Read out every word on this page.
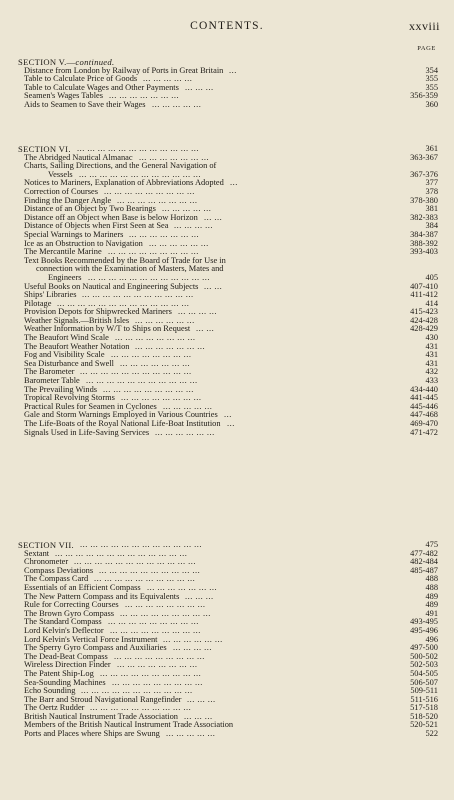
CONTENTS.	xxviii
PAGE
SECTION V.—continued.
Distance from London by Railway of Ports in Great Britain ...	354
Table to Calculate Price of Goods ... ... ... ... ...	355
Table to Calculate Wages and Other Payments ... ... ...	355
Seamen's Wages Tables ... ... ... ... ... ... ...	356-359
Aids to Seamen to Save their Wages ... ... ... ... ...	360
SECTION VI. ... ... ... ... ... ... ... ... ... ... ... ...	361
The Abridged Nautical Almanac ... ... ... ... ... ... ...	363-367
Charts, Sailing Directions, and the General Navigation of
Vessels ... ... ... ... ... ... ... ... ... ... ... ...	367-376
Notices to Mariners, Explanation of Abbreviations Adopted ...	377
Correction of Courses ... ... ... ... ... ... ... ... ...	378
Finding the Danger Angle ... ... ... ... ... ... ... ...	378-380
Distance of an Object by Two Bearings ... ... ... ... ...	381
Distance off an Object when Base is below Horizon ... ...	382-383
Distance of Objects when First Seen at Sea ... ... ... ...	384
Special Warnings to Mariners ... ... ... ... ... ... ...	384-387
Ice as an Obstruction to Navigation ... ... ... ... ... ...	388-392
The Mercantile Marine ... ... ... ... ... ... ... ... ...	393-403
Text Books Recommended by the Board of Trade for Use in
connection with the Examination of Masters, Mates and
Engineers ... ... ... ... ... ... ... ... ... ... ... ...	405
Useful Books on Nautical and Engineering Subjects ... ...	407-410
Ships' Libraries ... ... ... ... ... ... ... ... ... ... ...	411-412
Pilotage ... ... ... ... ... ... ... ... ... ... ... ... ...	414
Provision Depots for Shipwrecked Mariners ... ... ... ...	415-423
Weather Signals.—British Isles ... ... ... ... ... ...	424-428
Weather Information by W/T to Ships on Request ... ...	428-429
The Beaufort Wind Scale ... ... ... ... ... ... ... ...	430
The Beaufort Weather Notation ... ... ... ... ... ... ...	431
Fog and Visibility Scale ... ... ... ... ... ... ... ...	431
Sea Disturbance and Swell ... ... ... ... ... ... ...	431
The Barometer ... ... ... ... ... ... ... ... ... ... ...	432
Barometer Table ... ... ... ... ... ... ... ... ... ... ...	433
The Prevailing Winds ... ... ... ... ... ... ... ... ...	434-440
Tropical Revolving Storms ... ... ... ... ... ... ... ...	441-445
Practical Rules for Seamen in Cyclones ... ... ... ... ...	445-446
Gale and Storm Warnings Employed in Various Countries ...	447-468
The Life-Boats of the Royal National Life-Boat Institution ...	469-470
Signals Used in Life-Saving Services ... ... ... ... ... ...	471-472
SECTION VII. ... ... ... ... ... ... ... ... ... ... ... ...	475
Sextant ... ... ... ... ... ... ... ... ... ... ... ... ...	477-482
Chronometer ... ... ... ... ... ... ... ... ... ... ... ...	482-484
Compass Deviations ... ... ... ... ... ... ... ... ... ...	485-487
The Compass Card ... ... ... ... ... ... ... ... ... ...	488
Essentials of an Efficient Compass ... ... ... ... ... ... ...	488
The New Pattern Compass and its Equivalents ... ... ...	489
Rule for Correcting Courses ... ... ... ... ... ... ... ...	489
The Brown Gyro Compass ... ... ... ... ... ... ... ... ...	491
The Standard Compass ... ... ... ... ... ... ... ... ...	493-495
Lord Kelvin's Deflector ... ... ... ... ... ... ... ... ...	495-496
Lord Kelvin's Vertical Force Instrument ... ... ... ... ... ...	496
The Sperry Gyro Compass and Auxiliaries ... ... ... ...	497-500
The Dead-Beat Compass ... ... ... ... ... ... ... ... ...	500-502
Wireless Direction Finder ... ... ... ... ... ... ... ...	502-503
The Patent Ship-Log ... ... ... ... ... ... ... ... ... ...	504-505
Sea-Sounding Machines ... ... ... ... ... ... ... ... ...	506-507
Echo Sounding ... ... ... ... ... ... ... ... ... ... ...	509-511
The Barr and Stroud Navigational Rangefinder ... ... ...	511-516
The Oertz Rudder ... ... ... ... ... ... ... ... ... ...	517-518
British Nautical Instrument Trade Association ... ... ...	518-520
Members of the British Nautical Instrument Trade Association	520-521
Ports and Places where Ships are Swung ... ... ... ... ...	522
